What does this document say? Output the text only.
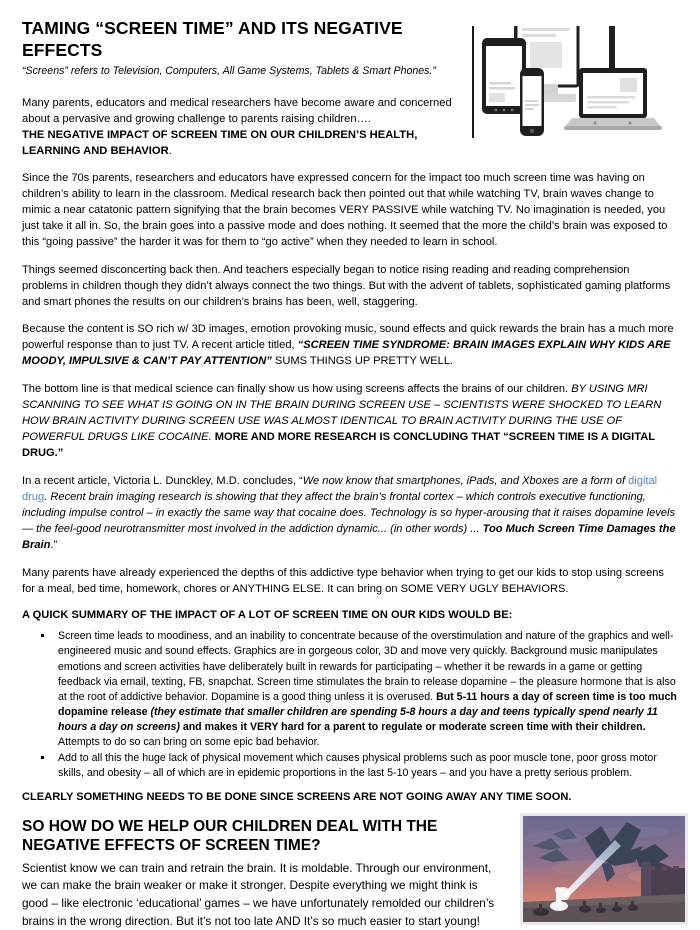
TAMING “SCREEN TIME” AND ITS NEGATIVE EFFECTS

“Screens” refers to Television, Computers, All Game Systems, Tablets & Smart Phones.”

Many parents, educators and medical researchers have become aware and concerned about a pervasive and growing challenge to parents raising children….
THE NEGATIVE IMPACT OF SCREEN TIME ON OUR CHILDREN’S HEALTH, LEARNING AND BEHAVIOR.

Since the 70s parents, researchers and educators have expressed concern for the impact too much screen time was having on children’s ability to learn in the classroom. Medical research back then pointed out that while watching TV, brain waves change to mimic a near catatonic pattern signifying that the brain becomes VERY PASSIVE while watching TV. No imagination is needed, you just take it all in. So, the brain goes into a passive mode and does nothing. It seemed that the more the child’s brain was exposed to this “going passive” the harder it was for them to “go active” when they needed to learn in school.

Things seemed disconcerting back then. And teachers especially began to notice rising reading and reading comprehension problems in children though they didn’t always connect the two things. But with the advent of tablets, sophisticated gaming platforms and smart phones the results on our children’s brains has been, well, staggering.

Because the content is SO rich w/ 3D images, emotion provoking music, sound effects and quick rewards the brain has a much more powerful response than to just TV. A recent article titled, “SCREEN TIME SYNDROME: BRAIN IMAGES EXPLAIN WHY KIDS ARE MOODY, IMPULSIVE & CAN’T PAY ATTENTION” SUMS THINGS UP PRETTY WELL.

The bottom line is that medical science can finally show us how using screens affects the brains of our children. BY USING MRI SCANNING TO SEE WHAT IS GOING ON IN THE BRAIN DURING SCREEN USE – SCIENTISTS WERE SHOCKED TO LEARN HOW BRAIN ACTIVITY DURING SCREEN USE WAS ALMOST IDENTICAL TO BRAIN ACTIVITY DURING THE USE OF POWERFUL DRUGS LIKE COCAINE. MORE AND MORE RESEARCH IS CONCLUDING THAT “SCREEN TIME IS A DIGITAL DRUG.”

In a recent article, Victoria L. Dunckley, M.D. concludes, “We now know that smartphones, iPads, and Xboxes are a form of digital drug. Recent brain imaging research is showing that they affect the brain’s frontal cortex – which controls executive functioning, including impulse control – in exactly the same way that cocaine does. Technology is so hyper-arousing that it raises dopamine levels — the feel-good neurotransmitter most involved in the addiction dynamic... (in other words) ... Too Much Screen Time Damages the Brain.”

Many parents have already experienced the depths of this addictive type behavior when trying to get our kids to stop using screens for a meal, bed time, homework, chores or ANYTHING ELSE. It can bring on SOME VERY UGLY BEHAVIORS.

A QUICK SUMMARY OF THE IMPACT OF A LOT OF SCREEN TIME ON OUR KIDS WOULD BE:
Screen time leads to moodiness, and an inability to concentrate because of the overstimulation and nature of the graphics and well-engineered music and sound effects. Graphics are in gorgeous color, 3D and move very quickly. Background music manipulates emotions and screen activities have deliberately built in rewards for participating – whether it be rewards in a game or getting feedback via email, texting, FB, snapchat. Screen time stimulates the brain to release dopamine – the pleasure hormone that is also at the root of addictive behavior. Dopamine is a good thing unless it is overused. But 5-11 hours a day of screen time is too much dopamine release (they estimate that smaller children are spending 5-8 hours a day and teens typically spend nearly 11 hours a day on screens) and makes it VERY hard for a parent to regulate or moderate screen time with their children. Attempts to do so can bring on some epic bad behavior.
Add to all this the huge lack of physical movement which causes physical problems such as poor muscle tone, poor gross motor skills, and obesity – all of which are in epidemic proportions in the last 5-10 years – and you have a pretty serious problem.
CLEARLY SOMETHING NEEDS TO BE DONE SINCE SCREENS ARE NOT GOING AWAY ANY TIME SOON.
SO HOW DO WE HELP OUR CHILDREN DEAL WITH THE NEGATIVE EFFECTS OF SCREEN TIME?

Scientist know we can train and retrain the brain. It is moldable. Through our environment, we can make the brain weaker or make it stronger. Despite everything we might think is good – like electronic ‘educational’ games – we have unfortunately remolded our children’s brains in the wrong direction. But it’s not too late AND It’s so much easier to start young!
